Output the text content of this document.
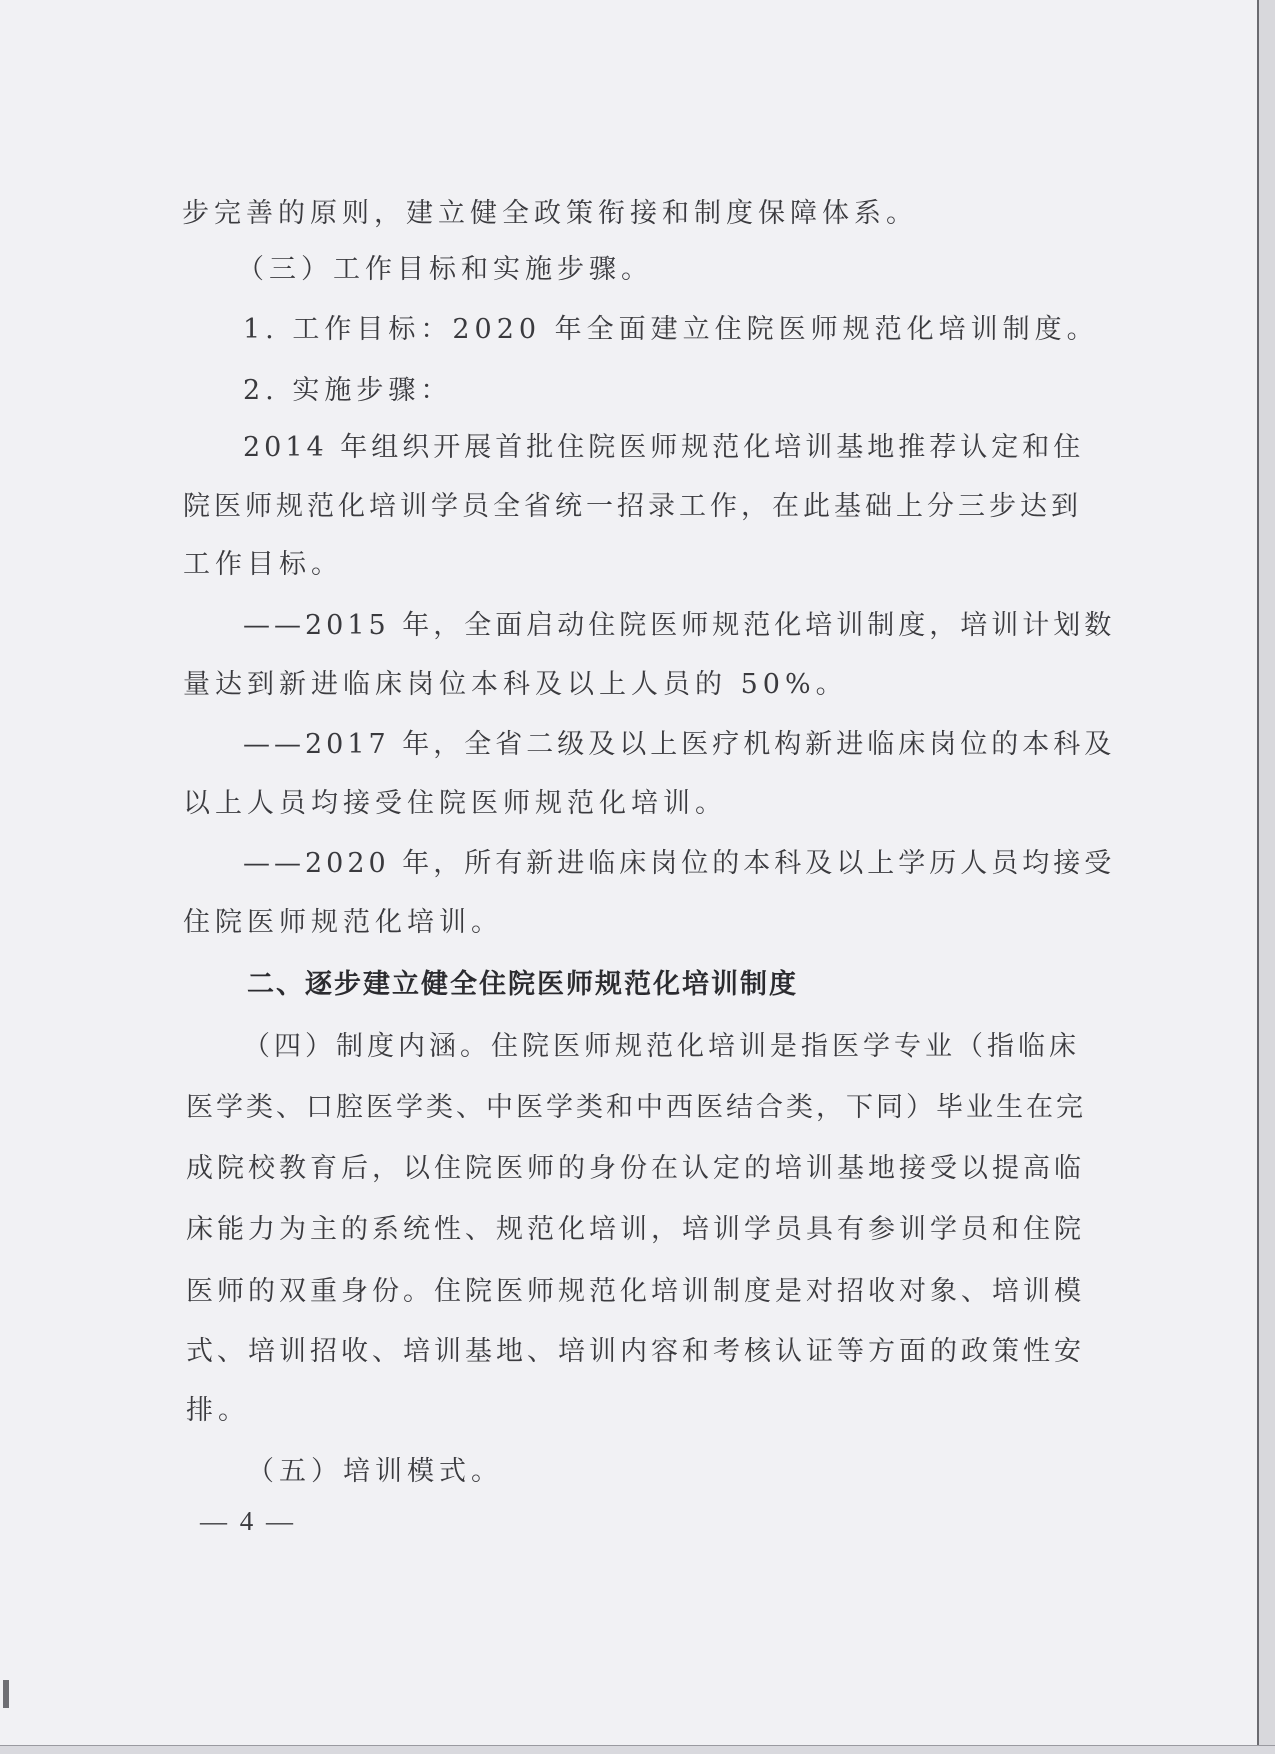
步完善的原则，建立健全政策衔接和制度保障体系。
（三）工作目标和实施步骤。
1. 工作目标：2020 年全面建立住院医师规范化培训制度。
2. 实施步骤：
2014 年组织开展首批住院医师规范化培训基地推荐认定和住
院医师规范化培训学员全省统一招录工作，在此基础上分三步达到
工作目标。
——2015 年，全面启动住院医师规范化培训制度，培训计划数
量达到新进临床岗位本科及以上人员的 50%。
——2017 年，全省二级及以上医疗机构新进临床岗位的本科及
以上人员均接受住院医师规范化培训。
——2020 年，所有新进临床岗位的本科及以上学历人员均接受
住院医师规范化培训。
二、逐步建立健全住院医师规范化培训制度
（四）制度内涵。住院医师规范化培训是指医学专业（指临床
医学类、口腔医学类、中医学类和中西医结合类，下同）毕业生在完
成院校教育后，以住院医师的身份在认定的培训基地接受以提高临
床能力为主的系统性、规范化培训，培训学员具有参训学员和住院
医师的双重身份。住院医师规范化培训制度是对招收对象、培训模
式、培训招收、培训基地、培训内容和考核认证等方面的政策性安
排。
（五）培训模式。
— 4 —
